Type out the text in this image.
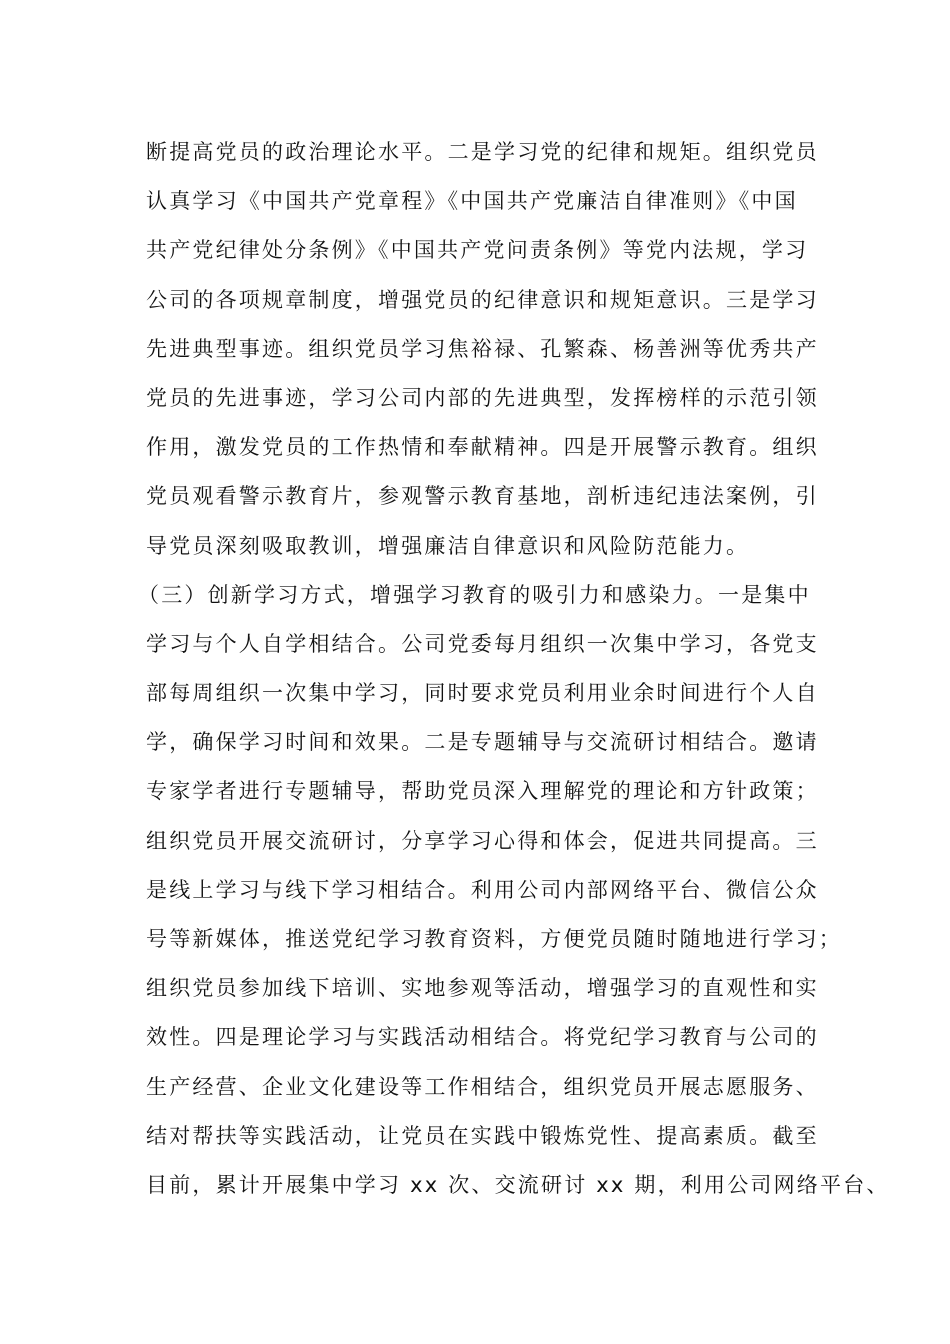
断提高党员的政治理论水平。二是学习党的纪律和规矩。组织党员
认真学习《中国共产党章程》《中国共产党廉洁自律准则》《中国
共产党纪律处分条例》《中国共产党问责条例》等党内法规，学习
公司的各项规章制度，增强党员的纪律意识和规矩意识。三是学习
先进典型事迹。组织党员学习焦裕禄、孔繁森、杨善洲等优秀共产
党员的先进事迹，学习公司内部的先进典型，发挥榜样的示范引领
作用，激发党员的工作热情和奉献精神。四是开展警示教育。组织
党员观看警示教育片，参观警示教育基地，剖析违纪违法案例，引
导党员深刻吸取教训，增强廉洁自律意识和风险防范能力。
（三）创新学习方式，增强学习教育的吸引力和感染力。一是集中
学习与个人自学相结合。公司党委每月组织一次集中学习，各党支
部每周组织一次集中学习，同时要求党员利用业余时间进行个人自
学，确保学习时间和效果。二是专题辅导与交流研讨相结合。邀请
专家学者进行专题辅导，帮助党员深入理解党的理论和方针政策；
组织党员开展交流研讨，分享学习心得和体会，促进共同提高。三
是线上学习与线下学习相结合。利用公司内部网络平台、微信公众
号等新媒体，推送党纪学习教育资料，方便党员随时随地进行学习；
组织党员参加线下培训、实地参观等活动，增强学习的直观性和实
效性。四是理论学习与实践活动相结合。将党纪学习教育与公司的
生产经营、企业文化建设等工作相结合，组织党员开展志愿服务、
结对帮扶等实践活动，让党员在实践中锻炼党性、提高素质。截至
目前，累计开展集中学习 xx 次、交流研讨 xx 期，利用公司网络平台、
